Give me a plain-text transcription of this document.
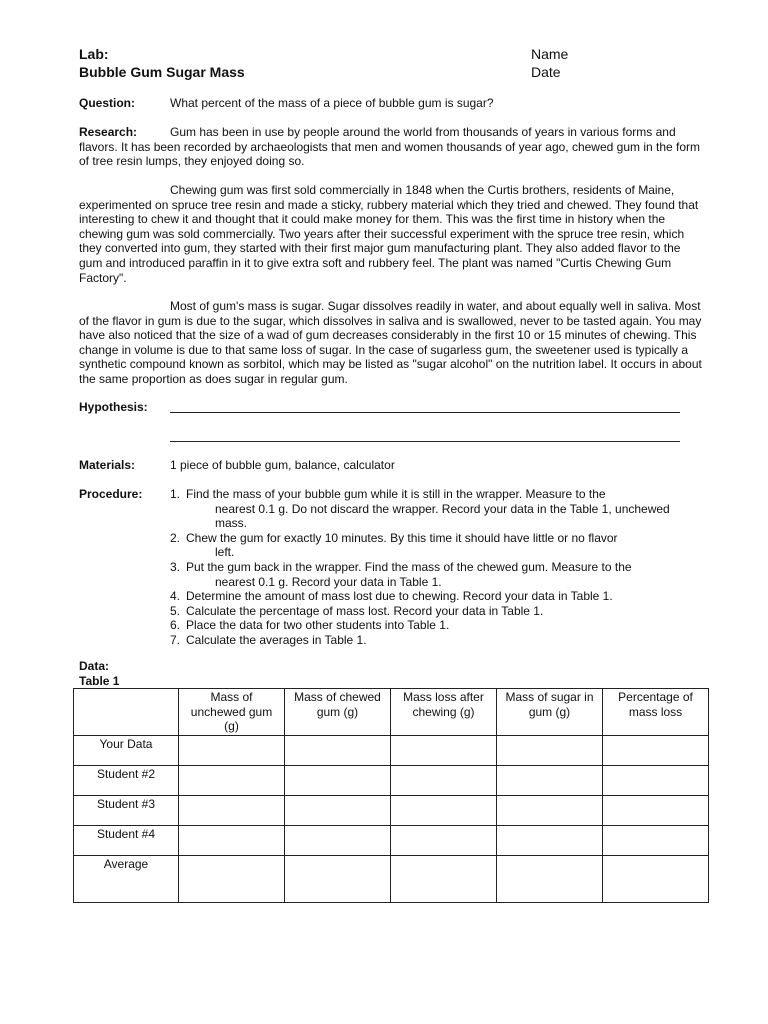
Lab:
Bubble Gum Sugar Mass
Name
Date
Question:	What percent of the mass of a piece of bubble gum is sugar?
Research:	Gum has been in use by people around the world from thousands of years in various forms and flavors. It has been recorded by archaeologists that men and women thousands of year ago, chewed gum in the form of tree resin lumps, they enjoyed doing so.
Chewing gum was first sold commercially in 1848 when the Curtis brothers, residents of Maine, experimented on spruce tree resin and made a sticky, rubbery material which they tried and chewed. They found that interesting to chew it and thought that it could make money for them. This was the first time in history when the chewing gum was sold commercially. Two years after their successful experiment with the spruce tree resin, which they converted into gum, they started with their first major gum manufacturing plant. They also added flavor to the gum and introduced paraffin in it to give extra soft and rubbery feel. The plant was named "Curtis Chewing Gum Factory".
Most of gum's mass is sugar. Sugar dissolves readily in water, and about equally well in saliva. Most of the flavor in gum is due to the sugar, which dissolves in saliva and is swallowed, never to be tasted again. You may have also noticed that the size of a wad of gum decreases considerably in the first 10 or 15 minutes of chewing. This change in volume is due to that same loss of sugar. In the case of sugarless gum, the sweetener used is typically a synthetic compound known as sorbitol, which may be listed as "sugar alcohol" on the nutrition label. It occurs in about the same proportion as does sugar in regular gum.
Hypothesis:
Materials:	1 piece of bubble gum, balance, calculator
Procedure: 1. Find the mass of your bubble gum while it is still in the wrapper. Measure to the
nearest 0.1 g. Do not discard the wrapper. Record your data in the Table 1, unchewed mass.
2. Chew the gum for exactly 10 minutes. By this time it should have little or no flavor
left.
3. Put the gum back in the wrapper. Find the mass of the chewed gum. Measure to the
nearest 0.1 g. Record your data in Table 1.
4. Determine the amount of mass lost due to chewing. Record your data in Table 1.
5. Calculate the percentage of mass lost. Record your data in Table 1.
6. Place the data for two other students into Table 1.
7. Calculate the averages in Table 1.
Data:
Table 1
	Mass of unchewed gum (g)	Mass of chewed gum (g)	Mass loss after chewing (g)	Mass of sugar in gum (g)	Percentage of mass loss
Your Data					
Student #2					
Student #3					
Student #4					
Average					
